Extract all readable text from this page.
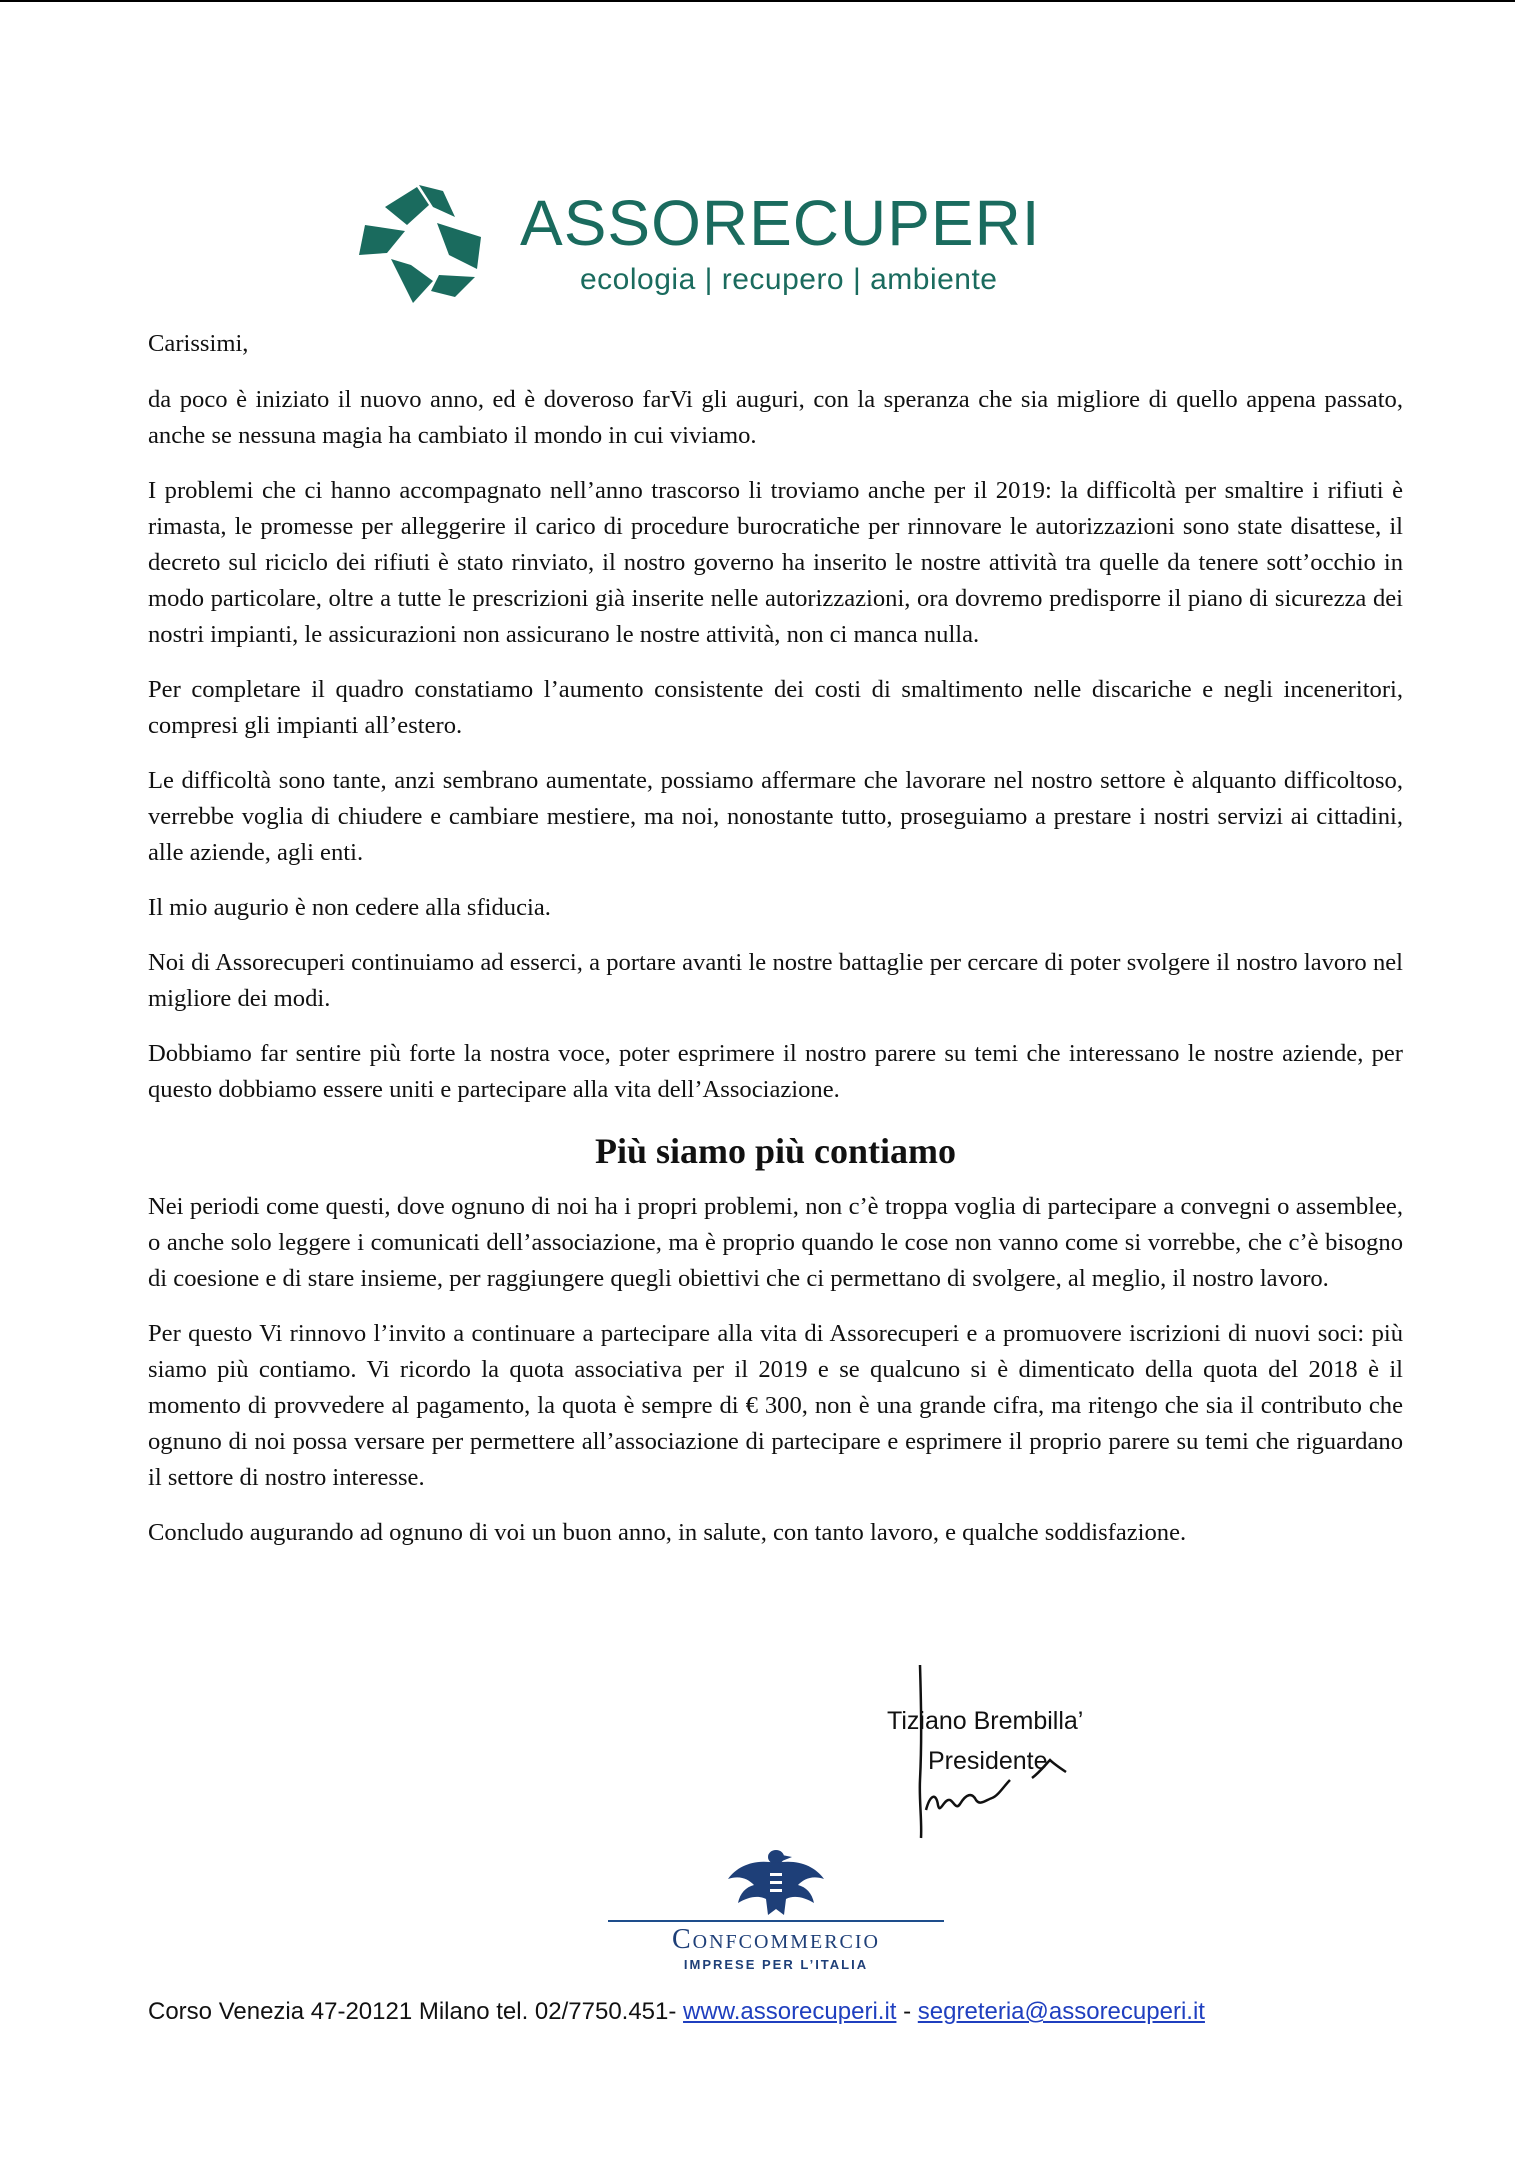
ASSORECUPERI
ecologia | recupero | ambiente

Carissimi,

da poco è iniziato il nuovo anno, ed è doveroso farVi gli auguri, con la speranza che sia migliore di quello appena passato, anche se nessuna magia ha cambiato il mondo in cui viviamo.

I problemi che ci hanno accompagnato nell’anno trascorso li troviamo anche per il 2019: la difficoltà per smaltire i rifiuti è rimasta, le promesse per alleggerire il carico di procedure burocratiche per rinnovare le autorizzazioni sono state disattese, il decreto sul riciclo dei rifiuti è stato rinviato, il nostro governo ha inserito le nostre attività tra quelle da tenere sott’occhio in modo particolare, oltre a tutte le prescrizioni già inserite nelle autorizzazioni, ora dovremo predisporre il piano di sicurezza dei nostri impianti, le assicurazioni non assicurano le nostre attività, non ci manca nulla.

Per completare il quadro constatiamo l’aumento consistente dei costi di smaltimento nelle discariche e negli inceneritori, compresi gli impianti all’estero.

Le difficoltà sono tante, anzi sembrano aumentate, possiamo affermare che lavorare nel nostro settore è alquanto difficoltoso, verrebbe voglia di chiudere e cambiare mestiere, ma noi, nonostante tutto, proseguiamo a prestare i nostri servizi ai cittadini, alle aziende, agli enti.

Il mio augurio è non cedere alla sfiducia.

Noi di Assorecuperi continuiamo ad esserci, a portare avanti le nostre battaglie per cercare di poter svolgere il nostro lavoro nel migliore dei modi.

Dobbiamo far sentire più forte la nostra voce, poter esprimere il nostro parere su temi che interessano le nostre aziende, per questo dobbiamo essere uniti e partecipare alla vita dell’Associazione.

Più siamo più contiamo

Nei periodi come questi, dove ognuno di noi ha i propri problemi, non c’è troppa voglia di partecipare a convegni o assemblee, o anche solo leggere i comunicati dell’associazione, ma è proprio quando le cose non vanno come si vorrebbe, che c’è bisogno di coesione e di stare insieme, per raggiungere quegli obiettivi che ci permettano di svolgere, al meglio, il nostro lavoro.

Per questo Vi rinnovo l’invito a continuare a partecipare alla vita di Assorecuperi e a promuovere iscrizioni di nuovi soci: più siamo più contiamo. Vi ricordo la quota associativa per il 2019 e se qualcuno si è dimenticato della quota del 2018 è il momento di provvedere al pagamento, la quota è sempre di € 300, non è una grande cifra, ma ritengo che sia il contributo che ognuno di noi possa versare per permettere all’associazione di partecipare e esprimere il proprio parere su temi che riguardano il settore di nostro interesse.

Concludo augurando ad ognuno di voi un buon anno, in salute, con tanto lavoro, e qualche soddisfazione.

Tiziano Brembilla’
Presidente
Confcommercio
IMPRESE PER L’ITALIA
Corso Venezia 47-20121 Milano tel. 02/7750.451- www.assorecuperi.it - segreteria@assorecuperi.it
